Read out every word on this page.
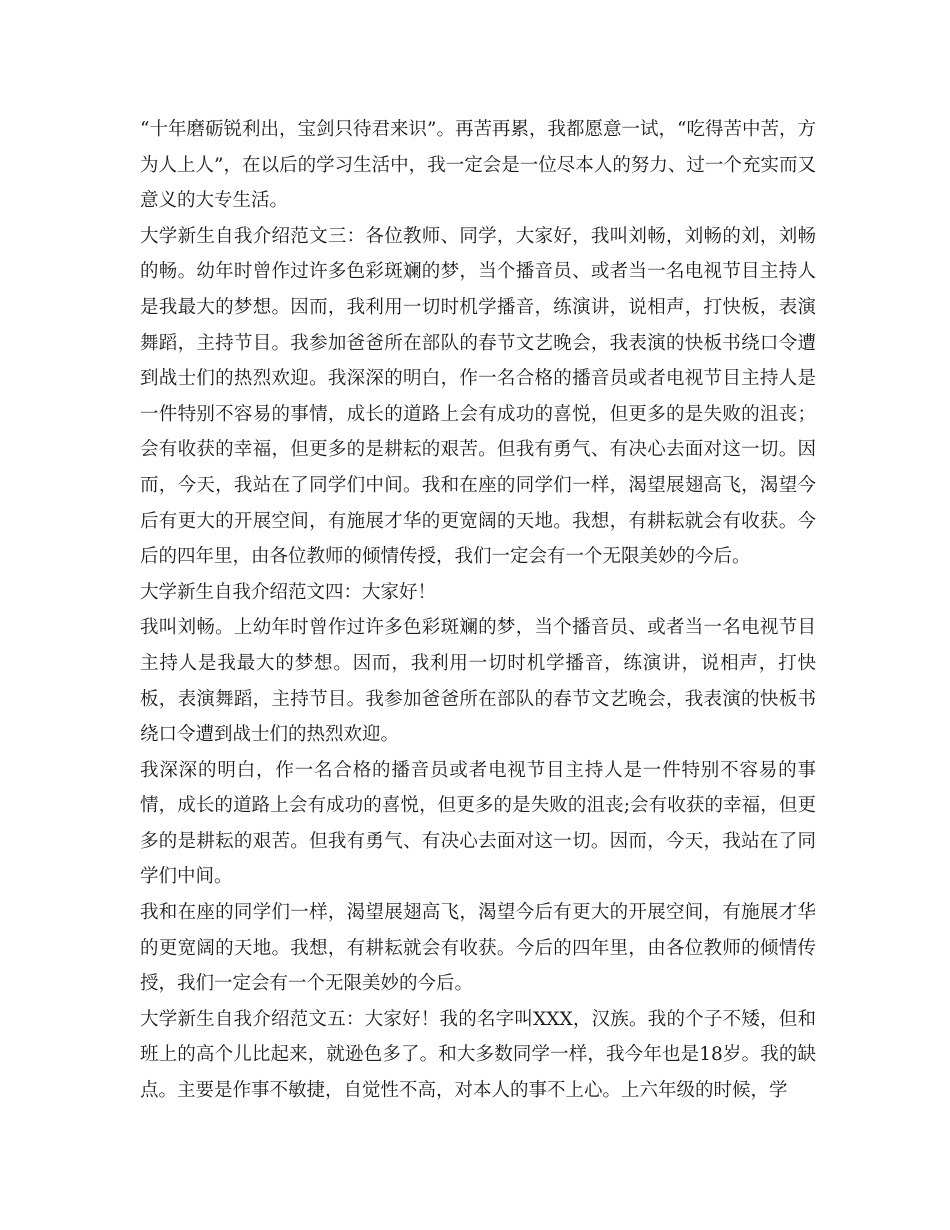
“十年磨砺锐利出，宝剑只待君来识”。再苦再累，我都愿意一试，“吃得苦中苦，方为人上人”，在以后的学习生活中，我一定会是一位尽本人的努力、过一个充实而又意义的大专生活。

大学新生自我介绍范文三：各位教师、同学，大家好，我叫刘畅，刘畅的刘，刘畅的畅。幼年时曾作过许多色彩斑斓的梦，当个播音员、或者当一名电视节目主持人是我最大的梦想。因而，我利用一切时机学播音，练演讲，说相声，打快板，表演舞蹈，主持节目。我参加爸爸所在部队的春节文艺晚会，我表演的快板书绕口令遭到战士们的热烈欢迎。我深深的明白，作一名合格的播音员或者电视节目主持人是一件特别不容易的事情，成长的道路上会有成功的喜悦，但更多的是失败的沮丧；会有收获的幸福，但更多的是耕耘的艰苦。但我有勇气、有决心去面对这一切。因而，今天，我站在了同学们中间。我和在座的同学们一样，渴望展翅高飞，渴望今后有更大的开展空间，有施展才华的更宽阔的天地。我想，有耕耘就会有收获。今后的四年里，由各位教师的倾情传授，我们一定会有一个无限美妙的今后。

大学新生自我介绍范文四：大家好！

我叫刘畅。上幼年时曾作过许多色彩斑斓的梦，当个播音员、或者当一名电视节目主持人是我最大的梦想。因而，我利用一切时机学播音，练演讲，说相声，打快板，表演舞蹈，主持节目。我参加爸爸所在部队的春节文艺晚会，我表演的快板书绕口令遭到战士们的热烈欢迎。

我深深的明白，作一名合格的播音员或者电视节目主持人是一件特别不容易的事情，成长的道路上会有成功的喜悦，但更多的是失败的沮丧;会有收获的幸福，但更多的是耕耘的艰苦。但我有勇气、有决心去面对这一切。因而，今天，我站在了同学们中间。

我和在座的同学们一样，渴望展翅高飞，渴望今后有更大的开展空间，有施展才华的更宽阔的天地。我想，有耕耘就会有收获。今后的四年里，由各位教师的倾情传授，我们一定会有一个无限美妙的今后。

大学新生自我介绍范文五：大家好！我的名字叫XXX，汉族。我的个子不矮，但和班上的高个儿比起来，就逊色多了。和大多数同学一样，我今年也是18岁。我的缺点。主要是作事不敏捷，自觉性不高，对本人的事不上心。上六年级的时候，学
